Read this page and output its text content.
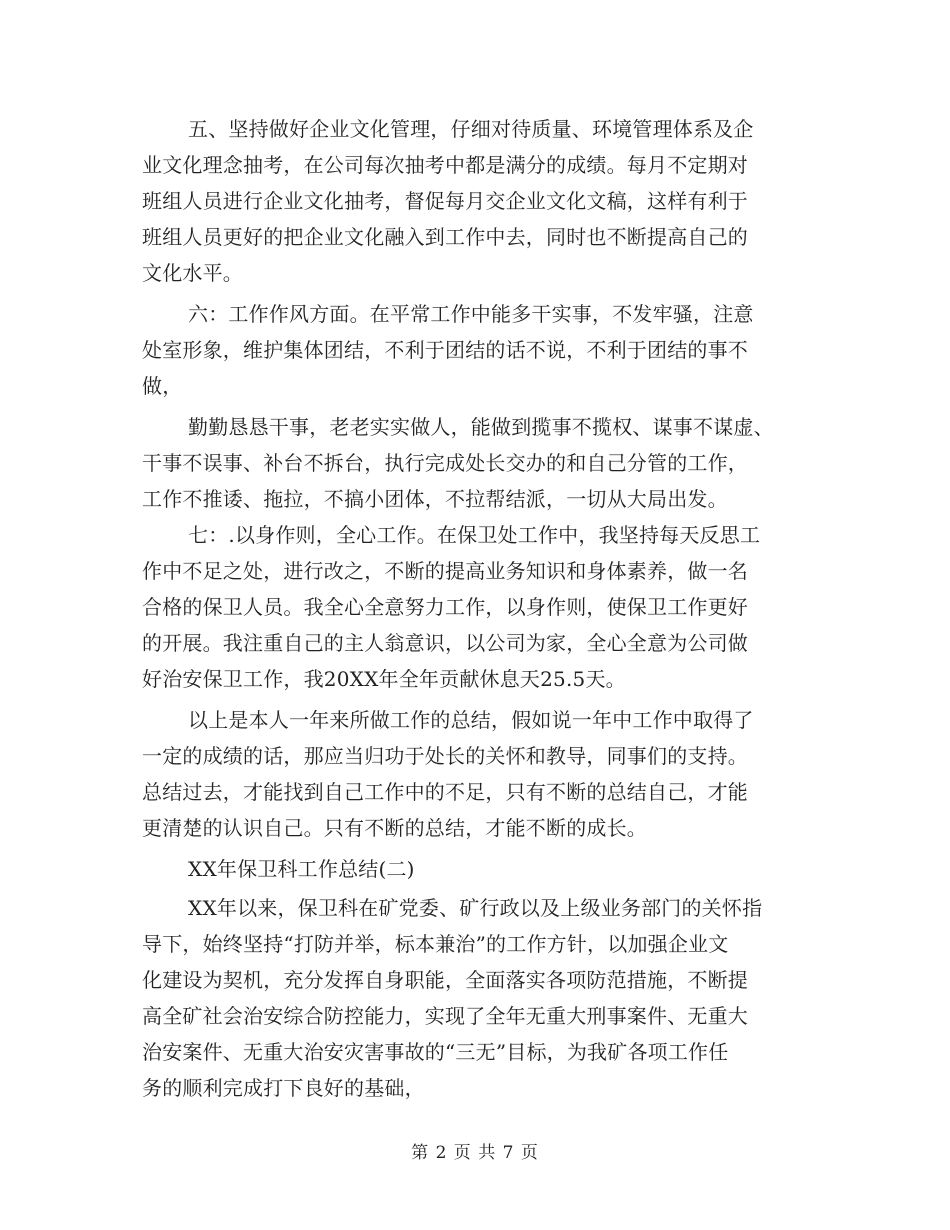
五、坚持做好企业文化管理，仔细对待质量、环境管理体系及企
业文化理念抽考，在公司每次抽考中都是满分的成绩。每月不定期对
班组人员进行企业文化抽考，督促每月交企业文化文稿，这样有利于
班组人员更好的把企业文化融入到工作中去，同时也不断提高自己的
文化水平。
六：工作作风方面。在平常工作中能多干实事，不发牢骚，注意
处室形象，维护集体团结，不利于团结的话不说，不利于团结的事不
做，
勤勤恳恳干事，老老实实做人，能做到揽事不揽权、谋事不谋虚、
干事不误事、补台不拆台，执行完成处长交办的和自己分管的工作，
工作不推诿、拖拉，不搞小团体，不拉帮结派，一切从大局出发。
七：.以身作则，全心工作。在保卫处工作中，我坚持每天反思工
作中不足之处，进行改之，不断的提高业务知识和身体素养，做一名
合格的保卫人员。我全心全意努力工作，以身作则，使保卫工作更好
的开展。我注重自己的主人翁意识，以公司为家，全心全意为公司做
好治安保卫工作，我20XX年全年贡献休息天25.5天。
以上是本人一年来所做工作的总结，假如说一年中工作中取得了
一定的成绩的话，那应当归功于处长的关怀和教导，同事们的支持。
总结过去，才能找到自己工作中的不足，只有不断的总结自己，才能
更清楚的认识自己。只有不断的总结，才能不断的成长。
XX年保卫科工作总结(二)
XX年以来，保卫科在矿党委、矿行政以及上级业务部门的关怀指
导下，始终坚持“打防并举，标本兼治”的工作方针，以加强企业文
化建设为契机，充分发挥自身职能，全面落实各项防范措施，不断提
高全矿社会治安综合防控能力，实现了全年无重大刑事案件、无重大
治安案件、无重大治安灾害事故的“三无”目标，为我矿各项工作任
务的顺利完成打下良好的基础，
第 2 页 共 7 页
